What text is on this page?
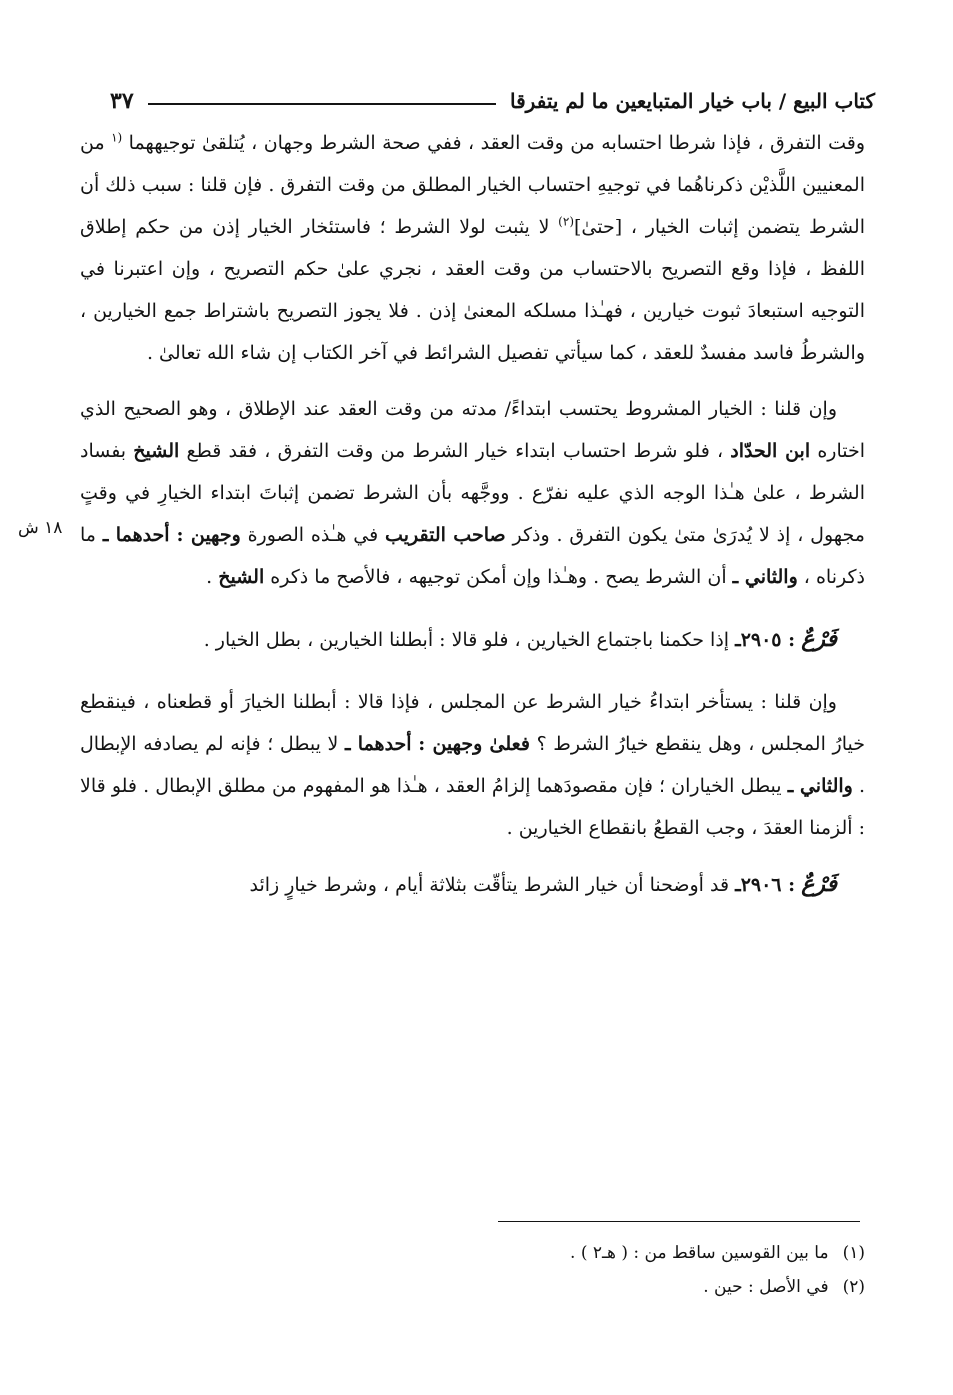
كتاب البيع / باب خيار المتبايعين ما لم يتفرقا
٣٧
١٨ ش

وقت التفرق ، فإذا شرطا احتسابه من وقت العقد ، ففي صحة الشرط وجهان ، يُتلقىٰ توجيههما $^{(١}$ من المعنيين اللَّذيْن ذكرناهُما في توجيهِ احتساب الخيار المطلق من وقت التفرق . فإن قلنا : سبب ذلك أن الشرط يتضمن إثبات الخيار ، [حتىٰ]$^{(٢)}$ لا يثبت لولا الشرط ؛ فاستئخار الخيار إذن من حكم إطلاق اللفظ ، فإذا وقع التصريح بالاحتساب من وقت العقد ، نجري علىٰ حكم التصريح ، وإن اعتبرنا في التوجيه استبعادَ ثبوت خيارين ، فهـٰذا مسلكه المعنىٰ إذن . فلا يجوز التصريح باشتراط جمع الخيارين ، والشرطُ فاسد مفسدٌ للعقد ، كما سيأتي تفصيل الشرائط في آخر الكتاب إن شاء الله تعالىٰ .

وإن قلنا : الخيار المشروط يحتسب ابتداءً/ مدته من وقت العقد عند الإطلاق ، وهو الصحيح الذي اختاره ابن الحدّاد ، فلو شرط احتساب ابتداء خيار الشرط من وقت التفرق ، فقد قطع الشيخ بفساد الشرط ، علىٰ هـٰذا الوجه الذي عليه نفرّع . ووجَّهه بأن الشرط تضمن إثباتَ ابتداء الخيارِ في وقتٍ مجهول ، إذ لا يُدرَىٰ متىٰ يكون التفرق . وذكر صاحب التقريب في هـٰذه الصورة وجهين : أحدهما ـ ما ذكرناه ، والثاني ـ أن الشرط يصح . وهـٰذا وإن أمكن توجيهه ، فالأصح ما ذكره الشيخ .

فَرْعٌ : ٢٩٠٥ـ إذا حكمنا باجتماع الخيارين ، فلو قالا : أبطلنا الخيارين ، بطل الخيار .

وإن قلنا : يستأخر ابتداءُ خيار الشرط عن المجلس ، فإذا قالا : أبطلنا الخيارَ أو قطعناه ، فينقطع خيارُ المجلس ، وهل ينقطع خيارُ الشرط ؟ فعلىٰ وجهين : أحدهما ـ لا يبطل ؛ فإنه لم يصادفه الإبطال . والثاني ـ يبطل الخياران ؛ فإن مقصودَهما إلزامُ العقد ، هـٰذا هو المفهوم من مطلق الإبطال . فلو قالا : ألزمنا العقدَ ، وجب القطعُ بانقطاع الخيارين .

فَرْعٌ : ٢٩٠٦ـ قد أوضحنا أن خيار الشرط يتأقّت بثلاثة أيام ، وشرط خيارٍ زائد

(١)
ما بين القوسين ساقط من : ( هـ٢ ) .
(٢)
في الأصل : حين .
